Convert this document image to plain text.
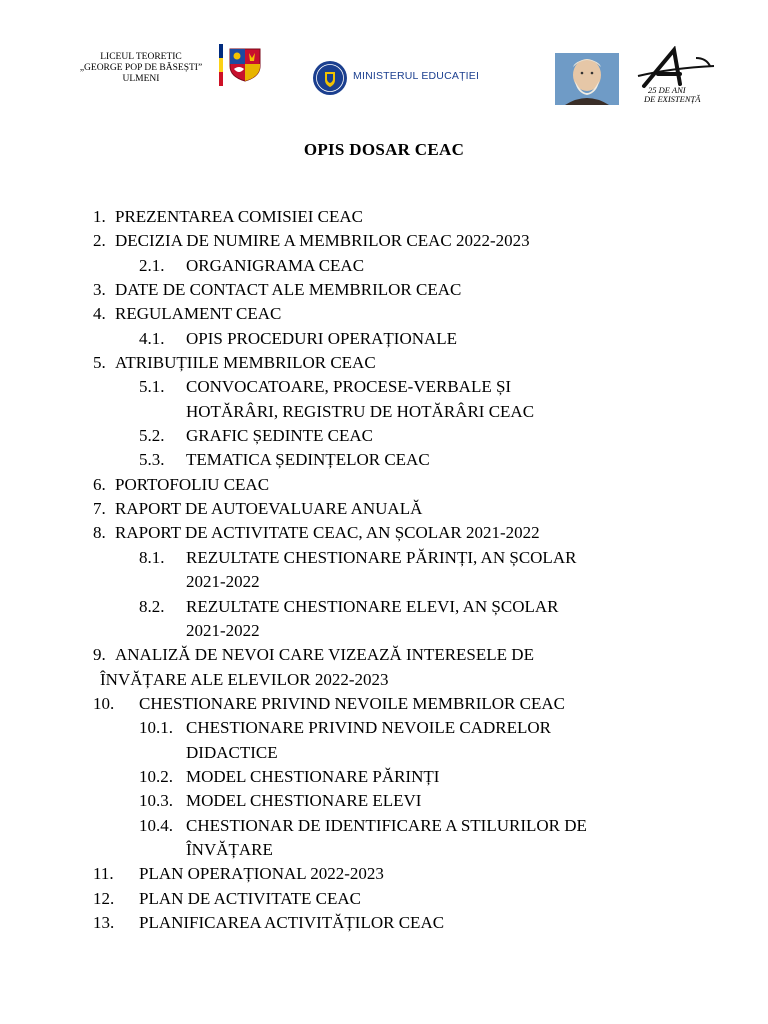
LICEUL TEORETIC
„GEORGE POP DE BĂSEȘTI”
ULMENI	MINISTERUL EDUCAȚIEI
25 DE ANI
DE EXISTENȚĂ
OPIS DOSAR CEAC
1. PREZENTAREA COMISIEI CEAC
2. DECIZIA DE NUMIRE A MEMBRILOR CEAC 2022-2023
2.1. ORGANIGRAMA CEAC
3. DATE DE CONTACT ALE MEMBRILOR CEAC
4. REGULAMENT CEAC
4.1. OPIS PROCEDURI OPERAȚIONALE
5. ATRIBUȚIILE MEMBRILOR CEAC
5.1. CONVOCATOARE, PROCESE-VERBALE ȘI
HOTĂRÂRI, REGISTRU DE HOTĂRÂRI CEAC
5.2. GRAFIC ȘEDINTE CEAC
5.3. TEMATICA ȘEDINȚELOR CEAC
6. PORTOFOLIU CEAC
7. RAPORT DE AUTOEVALUARE ANUALĂ
8. RAPORT DE ACTIVITATE CEAC, AN ȘCOLAR 2021-2022
8.1. REZULTATE CHESTIONARE PĂRINȚI, AN ȘCOLAR
2021-2022
8.2. REZULTATE CHESTIONARE ELEVI, AN ȘCOLAR
2021-2022
9. ANALIZĂ DE NEVOI CARE VIZEAZĂ INTERESELE DE
ÎNVĂȚARE ALE ELEVILOR 2022-2023
10. CHESTIONARE PRIVIND NEVOILE MEMBRILOR CEAC
10.1. CHESTIONARE PRIVIND NEVOILE CADRELOR
DIDACTICE
10.2. MODEL CHESTIONARE PĂRINȚI
10.3. MODEL CHESTIONARE ELEVI
10.4. CHESTIONAR DE IDENTIFICARE A STILURILOR DE
ÎNVĂȚARE
11. PLAN OPERAȚIONAL 2022-2023
12. PLAN DE ACTIVITATE CEAC
13. PLANIFICAREA ACTIVITĂȚILOR CEAC
